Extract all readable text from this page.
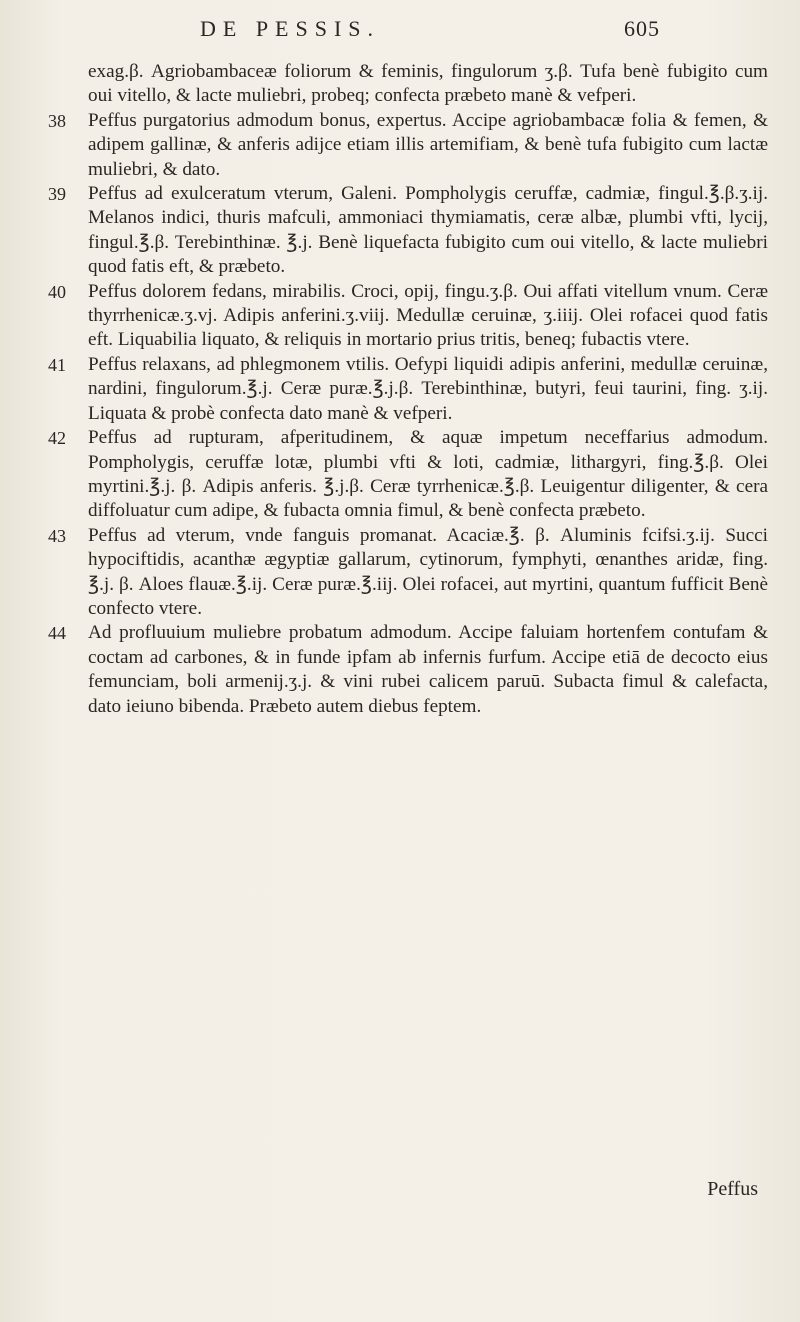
DE PESSIS.	605

exag.β. Agriobambaceæ foliorum & feminis, fingulorum ʒ.β. Tufa benè fubigito cum oui vitello, & lacte muliebri, probeq; confecta præbeto manè & vefperi.

38	Peffus purgatorius admodum bonus, expertus. Accipe agriobambacæ folia & femen, & adipem gallinæ, & anferis adijce etiam illis artemifiam, & benè tufa fubigito cum lactæ muliebri, & dato.

39	Peffus ad exulceratum vterum, Galeni. Pompholygis ceruffæ, cadmiæ, fingul.℥.β.ʒ.ij. Melanos indici, thuris mafculi, ammoniaci thymiamatis, ceræ albæ, plumbi vfti, lycij, fingul.℥.β. Terebinthinæ. ℥.j. Benè liquefacta fubigito cum oui vitello, & lacte muliebri quod fatis eft, & præbeto.

40	Peffus dolorem fedans, mirabilis. Croci, opij, fingu.ʒ.β. Oui affati vitellum vnum. Ceræ thyrrhenicæ.ʒ.vj. Adipis anferini.ʒ.viij. Medullæ ceruinæ, ʒ.iiij. Olei rofacei quod fatis eft. Liquabilia liquato, & reliquis in mortario prius tritis, beneq; fubactis vtere.

41	Peffus relaxans, ad phlegmonem vtilis. Oefypi liquidi adipis anferini, medullæ ceruinæ, nardini, fingulorum.℥.j. Ceræ puræ.℥.j.β. Terebinthinæ, butyri, feui taurini, fing. ʒ.ij. Liquata & probè confecta dato manè & vefperi.

42	Peffus ad rupturam, afperitudinem, & aquæ impetum neceffarius admodum. Pompholygis, ceruffæ lotæ, plumbi vfti & loti, cadmiæ, lithargyri, fing.℥.β. Olei myrtini.℥.j. β. Adipis anferis. ℥.j.β. Ceræ tyrrhenicæ.℥.β. Leuigentur diligenter, & cera diffoluatur cum adipe, & fubacta omnia fimul, & benè confecta præbeto.

43	Peffus ad vterum, vnde fanguis promanat. Acaciæ.℥. β. Aluminis fcifsi.ʒ.ij. Succi hypociftidis, acanthæ ægyptiæ gallarum, cytinorum, fymphyti, œnanthes aridæ, fing. ℥.j. β. Aloes flauæ.℥.ij. Ceræ puræ.℥.iij. Olei rofacei, aut myrtini, quantum fufficit Benè confecto vtere.

44	Ad profluuium muliebre probatum admodum. Accipe faluiam hortenfem contufam & coctam ad carbones, & in funde ipfam ab infernis furfum. Accipe etiā de decocto eius femunciam, boli armenij.ʒ.j. & vini rubei calicem paruū. Subacta fimul & calefacta, dato ieiuno bibenda. Præbeto autem diebus feptem.

Peffus
